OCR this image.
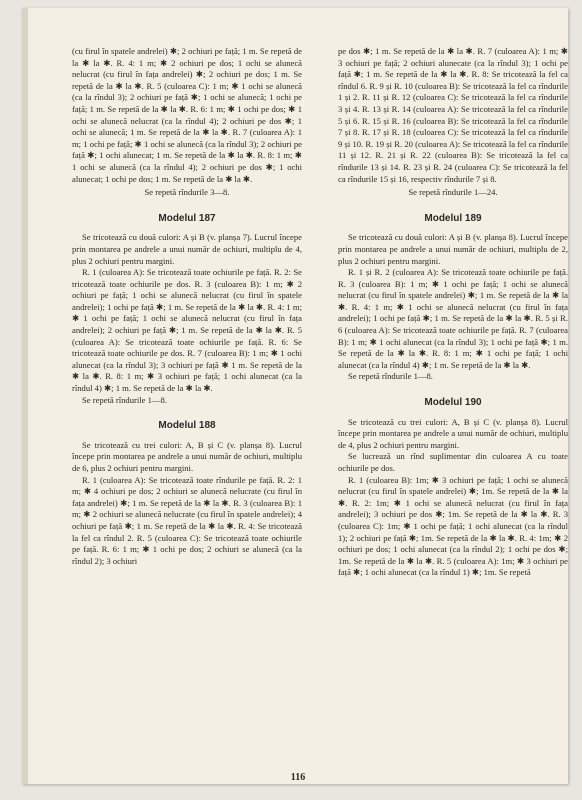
(cu firul în spatele andrelei) ✱; 2 ochiuri pe față; 1 m. Se repetă de la ✱ la ✱. R. 4: 1 m; ✱ 2 ochiuri pe dos; 1 ochi se alunecă nelucrat (cu firul în fața andrelei) ✱; 2 ochiuri pe dos; 1 m. Se repetă de la ✱ la ✱. R. 5 (culoarea C): 1 m; ✱ 1 ochi se alunecă (ca la rîndul 3); 2 ochiuri pe față ✱; 1 ochi se alunecă; 1 ochi pe față; 1 m. Se repetă de la ✱ la ✱. R. 6: 1 m; ✱ 1 ochi pe dos; ✱ 1 ochi se alunecă nelucrat (ca la rîndul 4); 2 ochiuri pe dos ✱; 1 ochi se alunecă; 1 m. Se repetă de la ✱ la ✱. R. 7 (culoarea A): 1 m; 1 ochi pe față; ✱ 1 ochi se alunecă (ca la rîndul 3); 2 ochiuri pe față ✱; 1 ochi alunecat; 1 m. Se repetă de la ✱ la ✱. R. 8: 1 m; ✱ 1 ochi se alunecă (ca la rîndul 4); 2 ochiuri pe dos ✱; 1 ochi alunecat; 1 ochi pe dos; 1 m. Se repetă de la ✱ la ✱.

Se repetă rîndurile 3—8.

Modelul 187

Se tricotează cu două culori: A și B (v. planșa 7). Lucrul începe prin montarea pe andrele a unui număr de ochiuri, multiplu de 4, plus 2 ochiuri pentru margini.

R. 1 (culoarea A): Se tricotează toate ochiurile pe față. R. 2: Se tricotează toate ochiurile pe dos. R. 3 (culoarea B): 1 m; ✱ 2 ochiuri pe față; 1 ochi se alunecă nelucrat (cu firul în spatele andrelei); 1 ochi pe față ✱; 1 m. Se repetă de la ✱ la ✱. R. 4: 1 m; ✱ 1 ochi pe față; 1 ochi se alunecă nelucrat (cu firul în fața andrelei); 2 ochiuri pe față ✱; 1 m. Se repetă de la ✱ la ✱. R. 5 (culoarea A): Se tricotează toate ochiurile pe față. R. 6: Se tricotează toate ochiurile pe dos. R. 7 (culoarea B): 1 m; ✱ 1 ochi alunecat (ca la rîndul 3); 3 ochiuri pe față ✱ 1 m. Se repetă de la ✱ la ✱. R. 8: 1 m; ✱ 3 ochiuri pe față; 1 ochi alunecat (ca la rîndul 4) ✱; 1 m. Se repetă de la ✱ la ✱.

Se repetă rîndurile 1—8.

Modelul 188

Se tricotează cu trei culori: A, B și C (v. planșa 8). Lucrul începe prin montarea pe andrele a unui număr de ochiuri, multiplu de 6, plus 2 ochiuri pentru margini.

R. 1 (culoarea A): Se tricotează toate rîndurile pe față. R. 2: 1 m; ✱ 4 ochiuri pe dos; 2 ochiuri se alunecă nelucrate (cu firul în fața andrelei) ✱; 1 m. Se repetă de la ✱ la ✱. R. 3 (culoarea B): 1 m; ✱ 2 ochiuri se alunecă nelucrate (cu firul în spatele andrelei); 4 ochiuri pe față ✱; 1 m. Se repetă de la ✱ la ✱. R. 4: Se tricotează la fel ca rîndul 2. R. 5 (culoarea C): Se tricotează toate ochiurile pe față. R. 6: 1 m; ✱ 1 ochi pe dos; 2 ochiuri se alunecă (ca la rîndul 2); 3 ochiuri

pe dos ✱; 1 m. Se repetă de la ✱ la ✱. R. 7 (culoarea A): 1 m; ✱ 3 ochiuri pe față; 2 ochiuri alunecate (ca la rîndul 3); 1 ochi pe față ✱; 1 m. Se repetă de la ✱ la ✱. R. 8: Se tricotează la fel ca rîndul 6. R. 9 și R. 10 (culoarea B): Se tricotează la fel ca rîndurile 1 și 2. R. 11 și R. 12 (culoarea C): Se tricotează la fel ca rîndurile 3 și 4. R. 13 și R. 14 (culoarea A): Se tricotează la fel ca rîndurile 5 și 6. R. 15 și R. 16 (culoarea B): Se tricotează la fel ca rîndurile 7 și 8. R. 17 și R. 18 (culoarea C): Se tricotează la fel ca rîndurile 9 și 10. R. 19 și R. 20 (culoarea A): Se tricotează la fel ca rîndurile 11 și 12. R. 21 și R. 22 (culoarea B): Se tricotează la fel ca rîndurile 13 și 14. R. 23 și R. 24 (culoarea C): Se tricotează la fel ca rîndurile 15 și 16, respectiv rîndurile 7 și 8.

Se repetă rîndurile 1—24.

Modelul 189

Se tricotează cu două culori: A și B (v. planșa 8). Lucrul începe prin montarea pe andrele a unui număr de ochiuri, multiplu de 2, plus 2 ochiuri pentru margini.

R. 1 și R. 2 (culoarea A): Se tricotează toate ochiurile pe față. R. 3 (culoarea B): 1 m; ✱ 1 ochi pe față; 1 ochi se alunecă nelucrat (cu firul în spatele andrelei) ✱; 1 m. Se repetă de la ✱ la ✱. R. 4: 1 m; ✱ 1 ochi se alunecă nelucrat (cu firul în fața andrelei); 1 ochi pe față ✱; 1 m. Se repetă de la ✱ la ✱. R. 5 și R. 6 (culoarea A): Se tricotează toate ochiurile pe față. R. 7 (culoarea B): 1 m; ✱ 1 ochi alunecat (ca la rîndul 3); 1 ochi pe față ✱; 1 m. Se repetă de la ✱ la ✱. R. 8: 1 m; ✱ 1 ochi pe față; 1 ochi alunecat (ca la rîndul 4) ✱; 1 m. Se repetă de la ✱ la ✱.

Se repetă rîndurile 1—8.

Modelul 190

Se tricotează cu trei culori: A, B și C (v. planșa 8). Lucrul începe prin montarea pe andrele a unui număr de ochiuri, multiplu de 4, plus 2 ochiuri pentru margini.

Se lucrează un rînd suplimentar din culoarea A cu toate ochiurile pe dos.

R. 1 (culoarea B): 1m; ✱ 3 ochiuri pe față; 1 ochi se alunecă nelucrat (cu firul în spatele andrelei) ✱; 1m. Se repetă de la ✱ la ✱. R. 2: 1m; ✱ 1 ochi se alunecă nelucrat (cu firul în fața andrelei); 3 ochiuri pe dos ✱; 1m. Se repetă de la ✱ la ✱. R. 3 (culoarea C): 1m; ✱ 1 ochi pe față; 1 ochi alunecat (ca la rîndul 1); 2 ochiuri pe față ✱; 1m. Se repetă de la ✱ la ✱. R. 4: 1m; ✱ 2 ochiuri pe dos; 1 ochi alunecat (ca la rîndul 2); 1 ochi pe dos ✱; 1m. Se repetă de la ✱ la ✱. R. 5 (culoarea A): 1m; ✱ 3 ochiuri pe față ✱; 1 ochi alunecat (ca la rîndul 1) ✱; 1m. Se repetă

116
